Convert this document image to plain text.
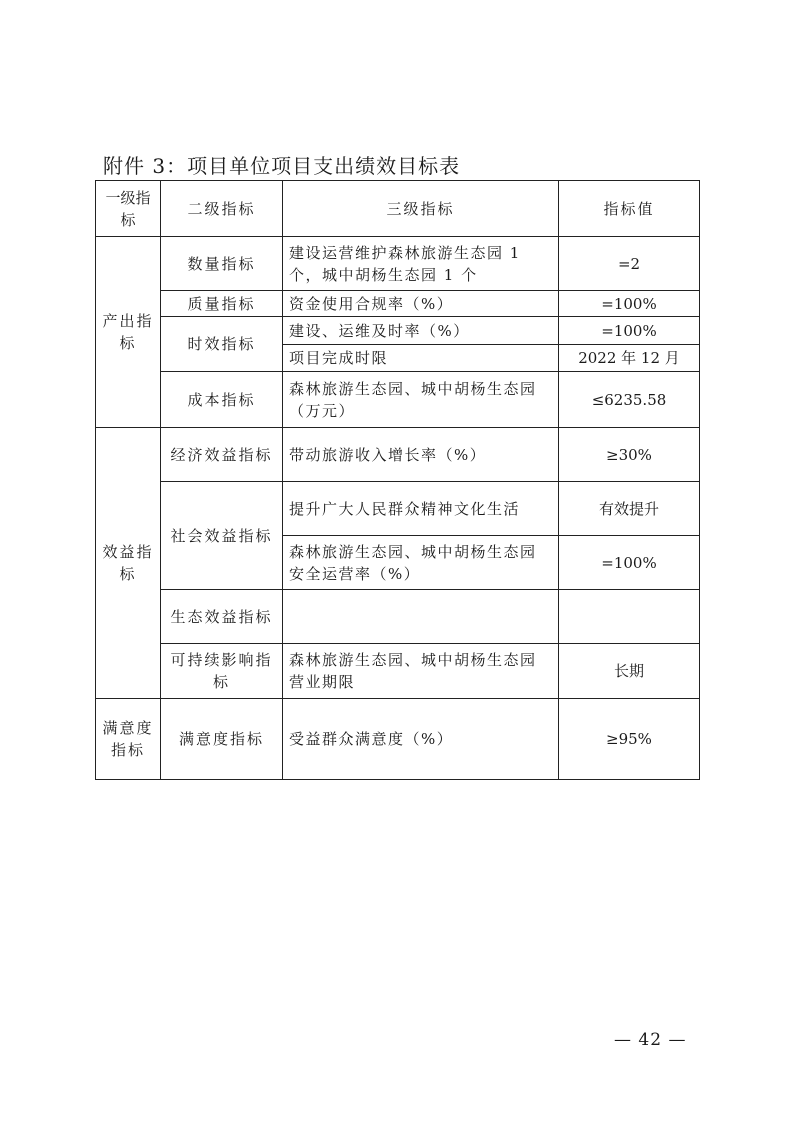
附件 3：项目单位项目支出绩效目标表
一级指标	二级指标	三级指标	指标值
产出指标	数量指标	建设运营维护森林旅游生态园 1 个，城中胡杨生态园 1 个	=2
	质量指标	资金使用合规率（%）	=100%
	时效指标	建设、运维及时率（%）	=100%
		项目完成时限	2022 年 12 月
	成本指标	森林旅游生态园、城中胡杨生态园（万元）	≤6235.58
效益指标	经济效益指标	带动旅游收入增长率（%）	≥30%
	社会效益指标	提升广大人民群众精神文化生活	有效提升
		森林旅游生态园、城中胡杨生态园安全运营率（%）	=100%
	生态效益指标		
	可持续影响指标	森林旅游生态园、城中胡杨生态园营业期限	长期
满意度指标	满意度指标	受益群众满意度（%）	≥95%
— 42 —
